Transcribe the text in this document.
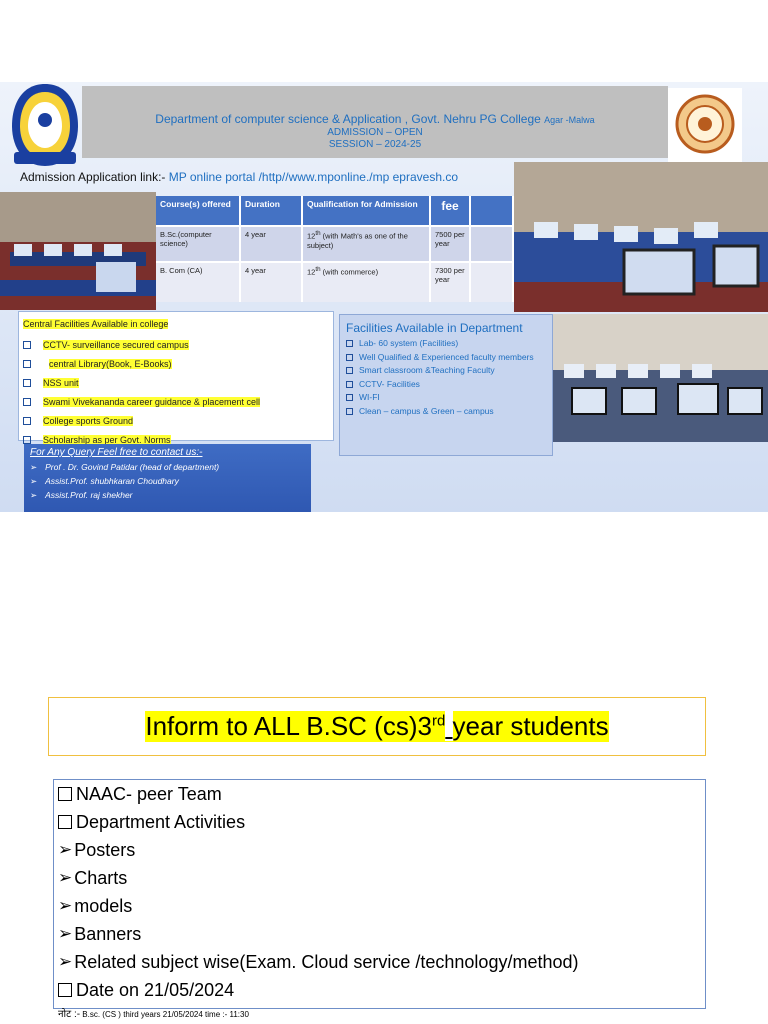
Department of computer science & Application , Govt. Nehru PG College Agar -Malwa
ADMISSION – OPEN
SESSION – 2024-25
Admission Application link:- MP online portal /http//www.mponline./mp epravesh.co
Course(s) offered	Duration	Qualification for Admission	fee	
B.Sc.(computer science)	4 year	12th (with Math's as one of the subject)	7500 per year	
B. Com (CA)	4 year	12th (with commerce)	7300 per year	
Central Facilities Available in college
CCTV- surveillance secured campus
central Library(Book, E-Books)
NSS unit
Swami Vivekananda career guidance & placement cell
College sports Ground
Scholarship as per Govt. Norms
Facilities Available in Department
Lab- 60 system (Facilities)
Well Qualified & Experienced faculty members
Smart classroom &Teaching Faculty
CCTV- Facilities
WI-FI
Clean – campus & Green – campus
For Any Query Feel free to contact us:-
➢ Prof . Dr. Govind Patidar (head of department)
➢ Assist.Prof. shubhkaran Choudhary
➢ Assist.Prof. raj shekher
Inform to ALL B.SC (cs)3rd year students
NAAC- peer Team
Department Activities
➢ Posters
➢ Charts
➢ models
➢ Banners
➢ Related subject wise(Exam. Cloud service /technology/method)
Date on 21/05/2024
नोट :- B.sc. (CS ) third years 21/05/2024 time :- 11:30
